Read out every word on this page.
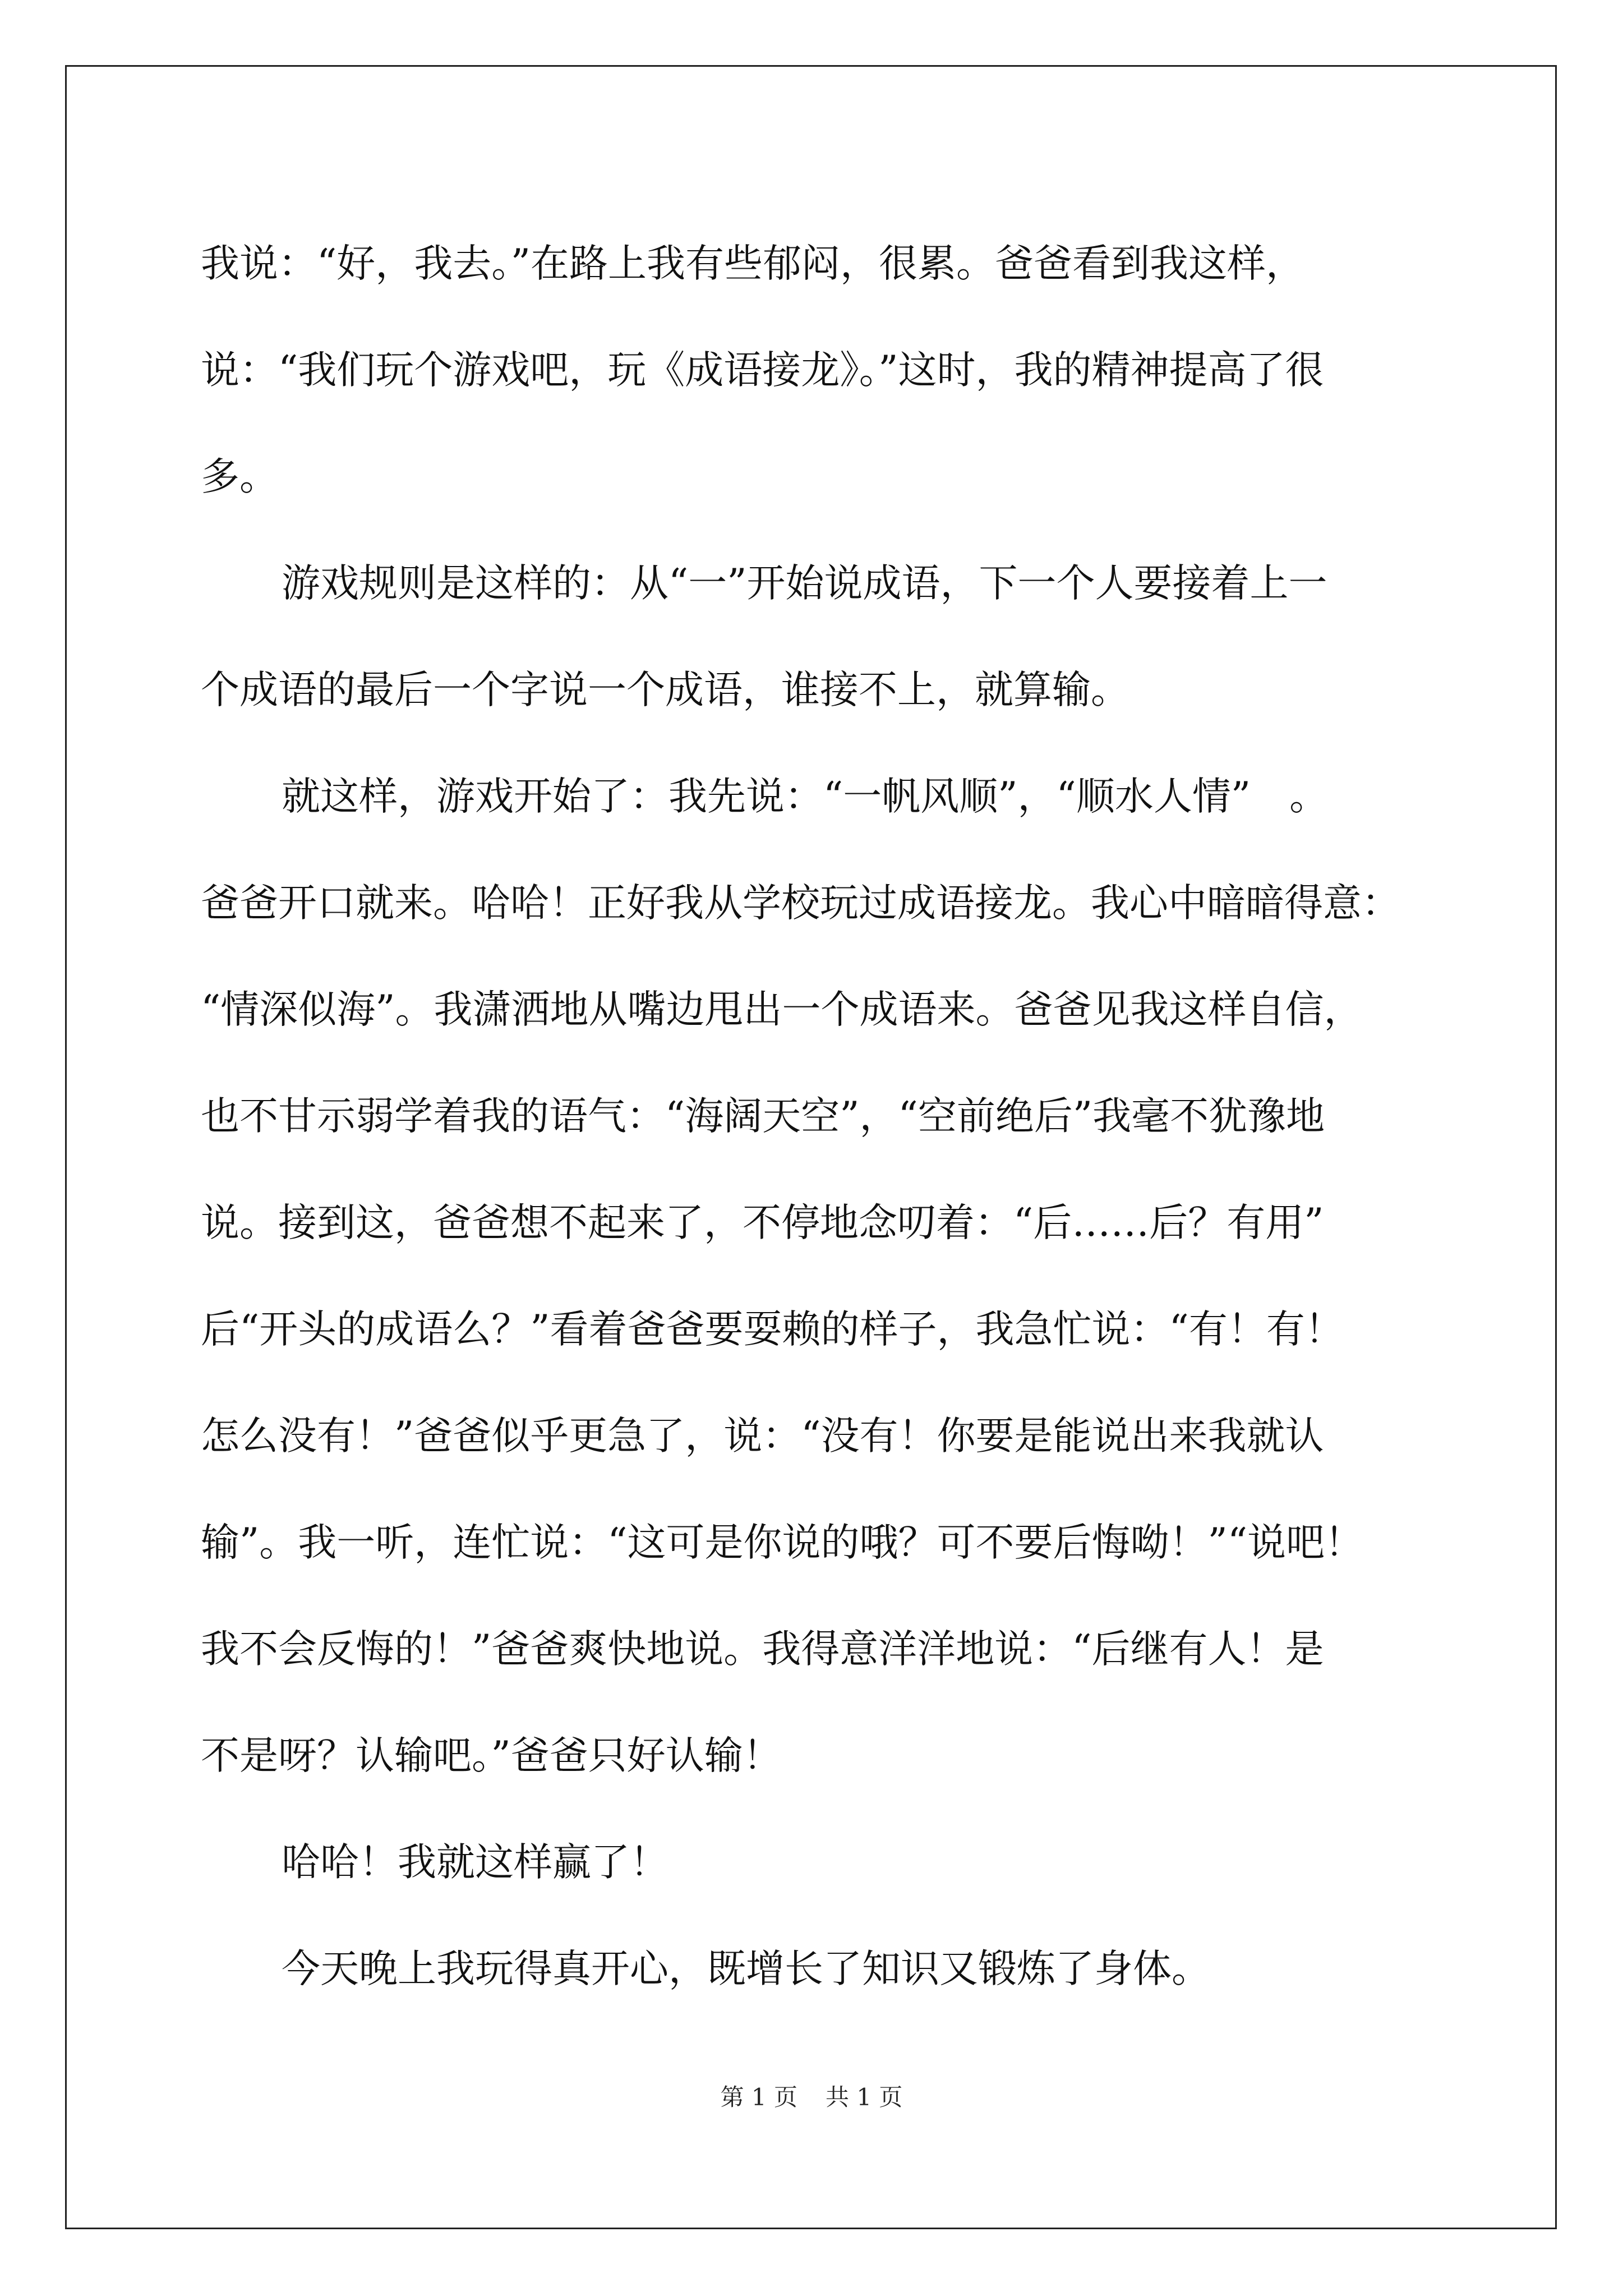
我说：“好，我去。”在路上我有些郁闷，很累。爸爸看到我这样，
说：“我们玩个游戏吧，玩《成语接龙》。”这时，我的精神提高了很
多。
游戏规则是这样的：从“一”开始说成语，下一个人要接着上一
个成语的最后一个字说一个成语，谁接不上，就算输。
就这样，游戏开始了：我先说：“一帆风顺”，“顺水人情”　。
爸爸开口就来。哈哈！正好我从学校玩过成语接龙。我心中暗暗得意：
“情深似海”。我潇洒地从嘴边甩出一个成语来。爸爸见我这样自信，
也不甘示弱学着我的语气：“海阔天空”，“空前绝后”我毫不犹豫地
说。接到这，爸爸想不起来了，不停地念叨着：“后……后？有用”
后“开头的成语么？”看着爸爸要耍赖的样子，我急忙说：“有！有！
怎么没有！”爸爸似乎更急了，说：“没有！你要是能说出来我就认
输”。我一听，连忙说：“这可是你说的哦？可不要后悔呦！”“说吧！
我不会反悔的！”爸爸爽快地说。我得意洋洋地说：“后继有人！是
不是呀？认输吧。”爸爸只好认输！
哈哈！我就这样赢了！
今天晚上我玩得真开心，既增长了知识又锻炼了身体。
第 1 页 共 1 页
